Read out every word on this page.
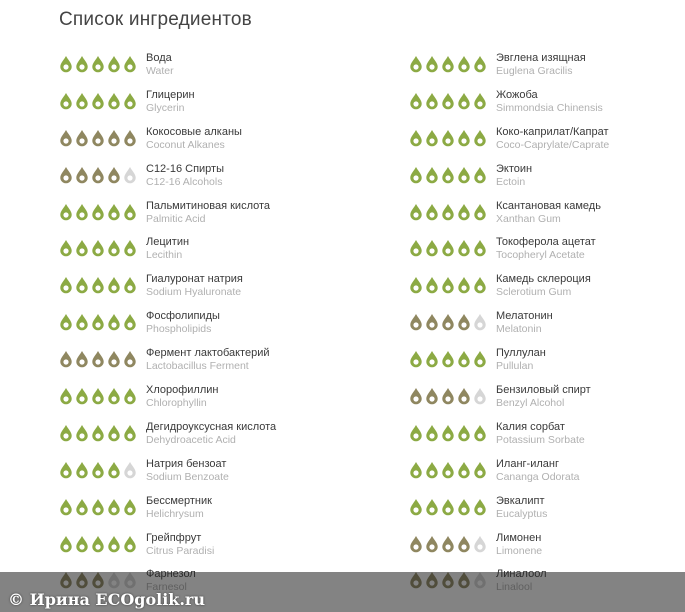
Список ингредиентов
Вода
Water
Глицерин
Glycerin
Кокосовые алканы
Coconut Alkanes
C12-16 Спирты
C12-16 Alcohols
Пальмитиновая кислота
Palmitic Acid
Лецитин
Lecithin
Гиалуронат натрия
Sodium Hyaluronate
Фосфолипиды
Phospholipids
Фермент лактобактерий
Lactobacillus Ferment
Хлорофиллин
Chlorophyllin
Дегидроуксусная кислота
Dehydroacetic Acid
Натрия бензоат
Sodium Benzoate
Бессмертник
Helichrysum
Грейпфрут
Citrus Paradisi
Эвглена изящная
Euglena Gracilis
Жожоба
Simmondsia Chinensis
Коко-каприлат/Капрат
Coco-Caprylate/Caprate
Эктоин
Ectoin
Ксантановая камедь
Xanthan Gum
Токоферола ацетат
Tocopheryl Acetate
Камедь склероция
Sclerotium Gum
Мелатонин
Melatonin
Пуллулан
Pullulan
Бензиловый спирт
Benzyl Alcohol
Калия сорбат
Potassium Sorbate
Иланг-иланг
Cananga Odorata
Эвкалипт
Eucalyptus
Лимонен
Limonene
© Ирина ECOgolik.ru
